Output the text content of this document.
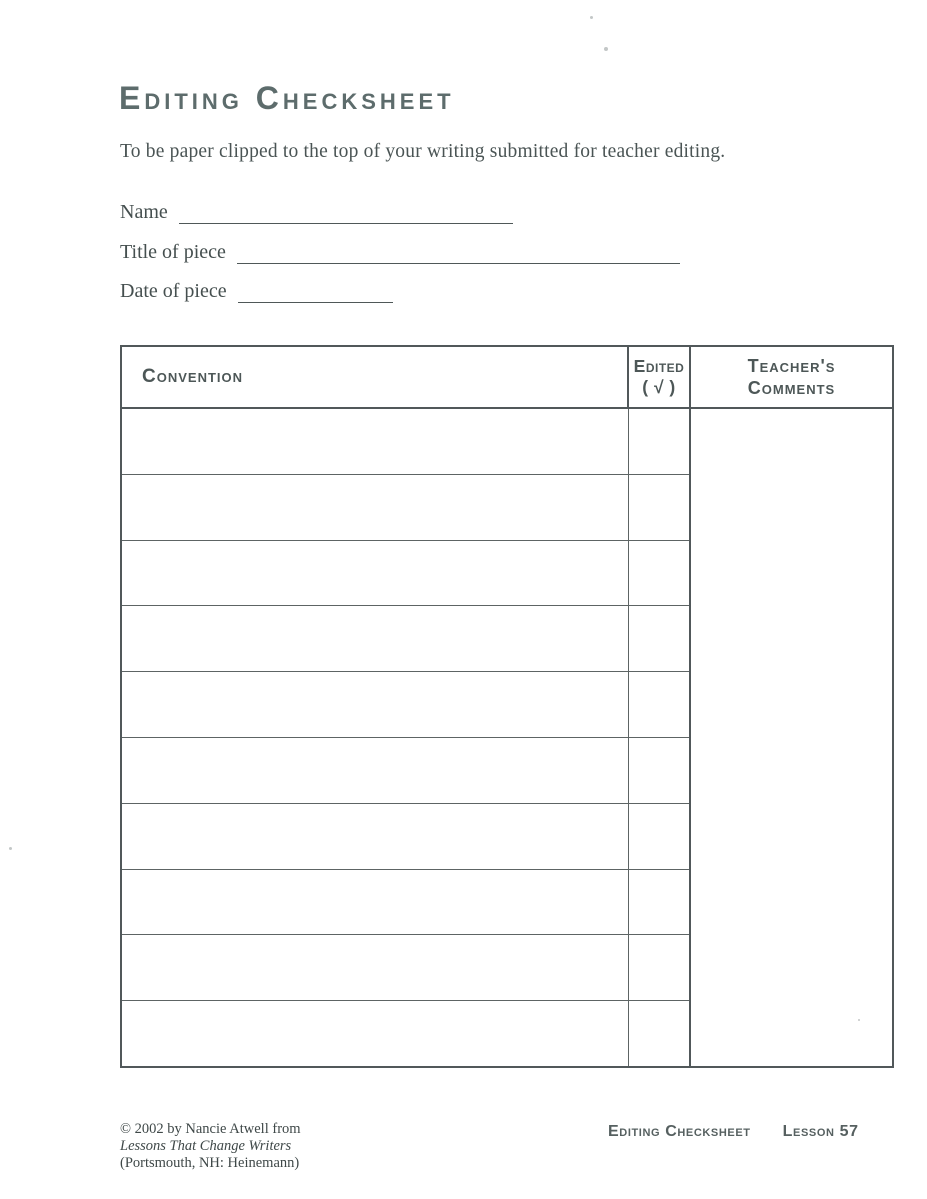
Editing Checksheet
To be paper clipped to the top of your writing submitted for teacher editing.
Name
Title of piece
Date of piece
Convention	Edited
( √ )
Teacher's
Comments
© 2002 by Nancie Atwell from
Lessons That Change Writers
(Portsmouth, NH: Heinemann)
Editing Checksheet Lesson 57
